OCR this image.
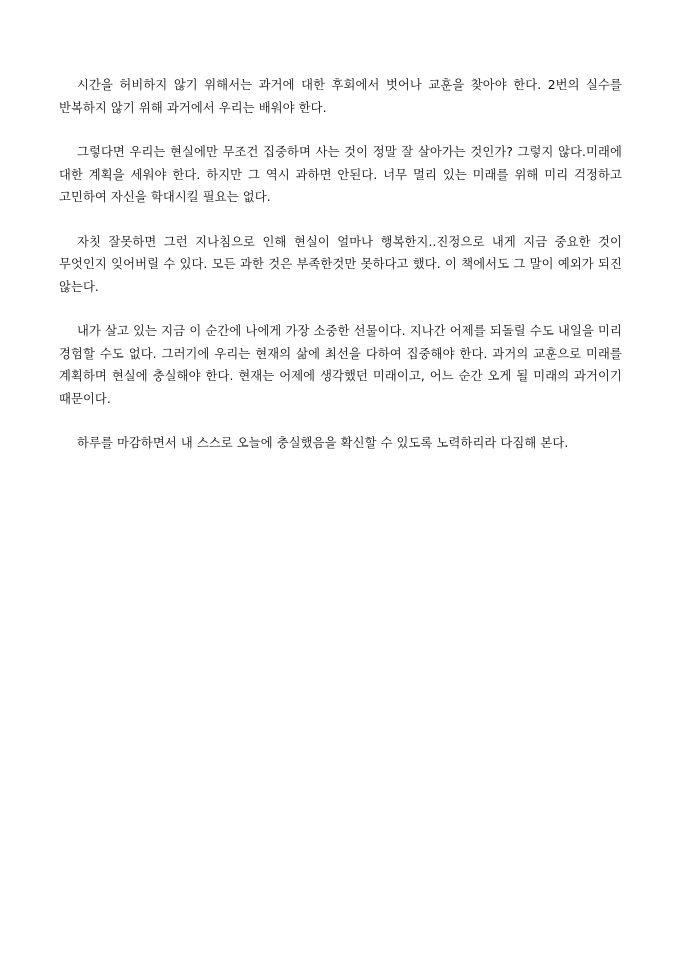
시간을 허비하지 않기 위해서는 과거에 대한 후회에서 벗어나 교훈을 찾아야 한다. 2번의 실수를 반복하지 않기 위해 과거에서 우리는 배워야 한다.

그렇다면 우리는 현실에만 무조건 집중하며 사는 것이 정말 잘 살아가는 것인가? 그렇지 않다.미래에 대한 계획을 세워야 한다. 하지만 그 역시 과하면 안된다. 너무 멀리 있는 미래를 위해 미리 걱정하고 고민하여 자신을 학대시킬 필요는 없다.

자칫 잘못하면 그런 지나침으로 인해 현실이 얼마나 행복한지..진정으로 내게 지금 중요한 것이 무엇인지 잊어버릴 수 있다. 모든 과한 것은 부족한것만 못하다고 했다. 이 책에서도 그 말이 예외가 되진 않는다.

내가 살고 있는 지금 이 순간에 나에게 가장 소중한 선물이다. 지나간 어제를 되돌릴 수도 내일을 미리 경험할 수도 없다. 그러기에 우리는 현재의 삶에 최선을 다하여 집중해야 한다. 과거의 교훈으로 미래를 계획하며 현실에 충실해야 한다. 현재는 어제에 생각했던 미래이고, 어느 순간 오게 될 미래의 과거이기 때문이다.

하루를 마감하면서 내 스스로 오늘에 충실했음을 확신할 수 있도록 노력하리라 다짐해 본다.
